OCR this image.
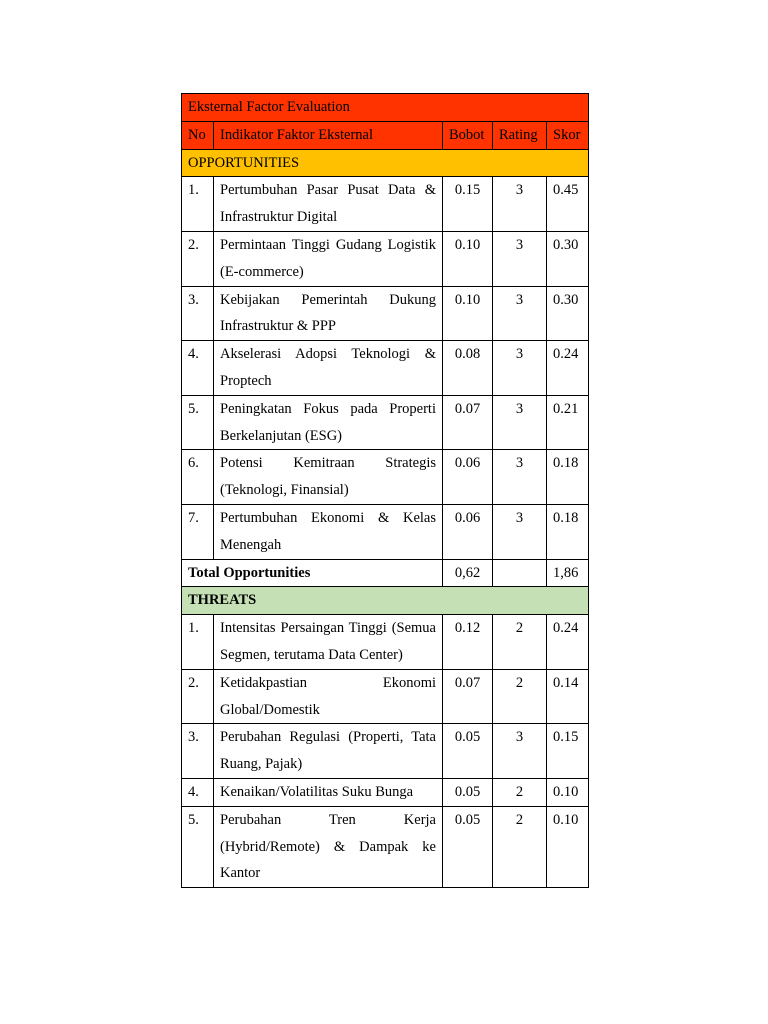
Eksternal Factor Evaluation				
No	Indikator Faktor Eksternal	Bobot	Rating	Skor
OPPORTUNITIES				
1.	Pertumbuhan Pasar Pusat Data & Infrastruktur Digital	0.15	3	0.45
2.	Permintaan Tinggi Gudang Logistik (E-commerce)	0.10	3	0.30
3.	Kebijakan Pemerintah Dukung Infrastruktur & PPP	0.10	3	0.30
4.	Akselerasi Adopsi Teknologi & Proptech	0.08	3	0.24
5.	Peningkatan Fokus pada Properti Berkelanjutan (ESG)	0.07	3	0.21
6.	Potensi Kemitraan Strategis (Teknologi, Finansial)	0.06	3	0.18
7.	Pertumbuhan Ekonomi & Kelas Menengah	0.06	3	0.18
Total Opportunities		0,62		1,86
THREATS				
1.	Intensitas Persaingan Tinggi (Semua Segmen, terutama Data Center)	0.12	2	0.24
2.	Ketidakpastian Ekonomi Global/Domestik	0.07	2	0.14
3.	Perubahan Regulasi (Properti, Tata Ruang, Pajak)	0.05	3	0.15
4.	Kenaikan/Volatilitas Suku Bunga	0.05	2	0.10
5.	Perubahan Tren Kerja (Hybrid/Remote) & Dampak ke Kantor	0.05	2	0.10
